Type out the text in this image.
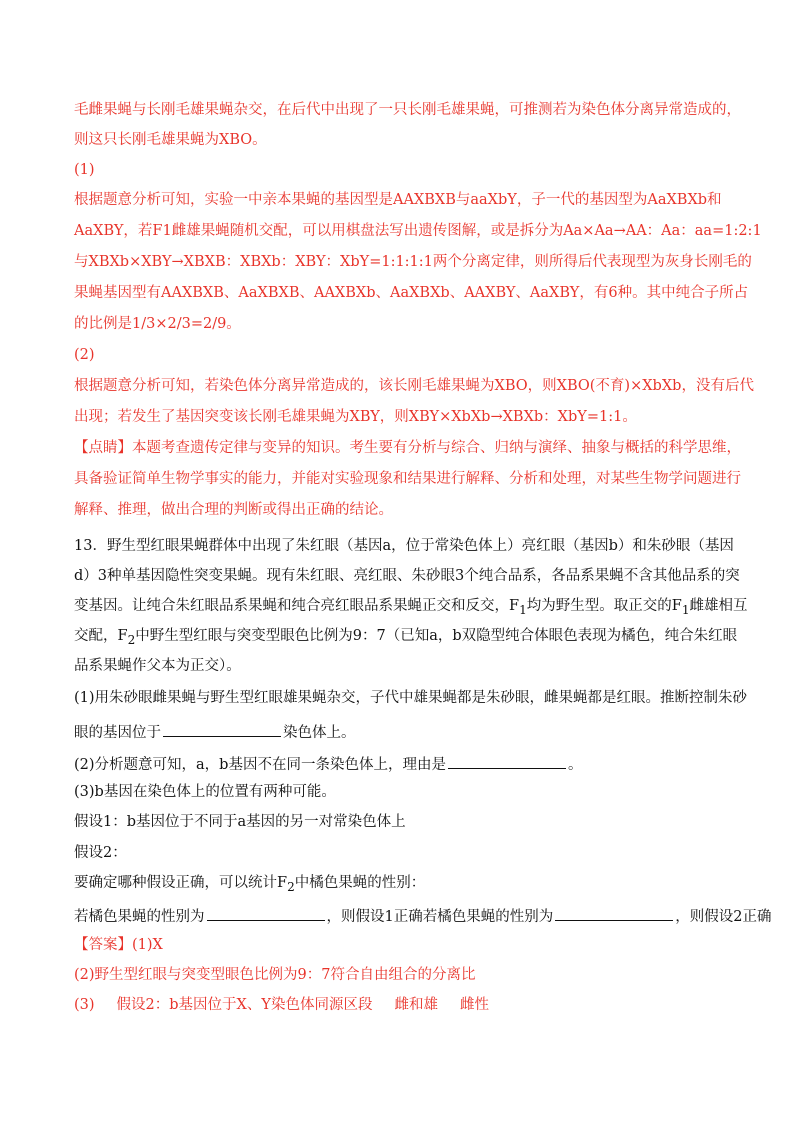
毛雌果蝇与长刚毛雄果蝇杂交，在后代中出现了一只长刚毛雄果蝇，可推测若为染色体分离异常造成的，
则这只长刚毛雄果蝇为XBO。
(1)
根据题意分析可知，实验一中亲本果蝇的基因型是AAXBXB与aaXbY，子一代的基因型为AaXBXb和
AaXBY，若F1雌雄果蝇随机交配，可以用棋盘法写出遗传图解，或是拆分为Aa×Aa→AA：Aa：aa=1:2:1
与XBXb×XBY→XBXB：XBXb：XBY：XbY=1:1:1:1两个分离定律，则所得后代表现型为灰身长刚毛的
果蝇基因型有AAXBXB、AaXBXB、AAXBXb、AaXBXb、AAXBY、AaXBY，有6种。其中纯合子所占
的比例是1/3×2/3=2/9。
(2)
根据题意分析可知，若染色体分离异常造成的，该长刚毛雄果蝇为XBO，则XBO(不育)×XbXb，没有后代
出现；若发生了基因突变该长刚毛雄果蝇为XBY，则XBY×XbXb→XBXb：XbY=1:1。
【点睛】本题考查遗传定律与变异的知识。考生要有分析与综合、归纳与演绎、抽象与概括的科学思维，
具备验证简单生物学事实的能力，并能对实验现象和结果进行解释、分析和处理，对某些生物学问题进行
解释、推理，做出合理的判断或得出正确的结论。
13．野生型红眼果蝇群体中出现了朱红眼（基因a，位于常染色体上）亮红眼（基因b）和朱砂眼（基因
d）3种单基因隐性突变果蝇。现有朱红眼、亮红眼、朱砂眼3个纯合品系，各品系果蝇不含其他品系的突
变基因。让纯合朱红眼品系果蝇和纯合亮红眼品系果蝇正交和反交，$F_1$均为野生型。取正交的$F_1$雌雄相互
交配，$F_2$中野生型红眼与突变型眼色比例为9：7（已知a，b双隐型纯合体眼色表现为橘色，纯合朱红眼
品系果蝇作父本为正交）。
(1)用朱砂眼雌果蝇与野生型红眼雄果蝇杂交，子代中雄果蝇都是朱砂眼，雌果蝇都是红眼。推断控制朱砂
眼的基因位于	染色体上。
(2)分析题意可知，a，b基因不在同一条染色体上，理由是	。
(3)b基因在染色体上的位置有两种可能。
假设1：b基因位于不同于a基因的另一对常染色体上
假设2：
要确定哪种假设正确，可以统计$F_2$中橘色果蝇的性别：
若橘色果蝇的性别为	，则假设1正确若橘色果蝇的性别为	，则假设2正确
【答案】(1)X
(2)野生型红眼与突变型眼色比例为9：7符合自由组合的分离比
(3) 假设2：b基因位于X、Y染色体同源区段 雌和雄 雌性
